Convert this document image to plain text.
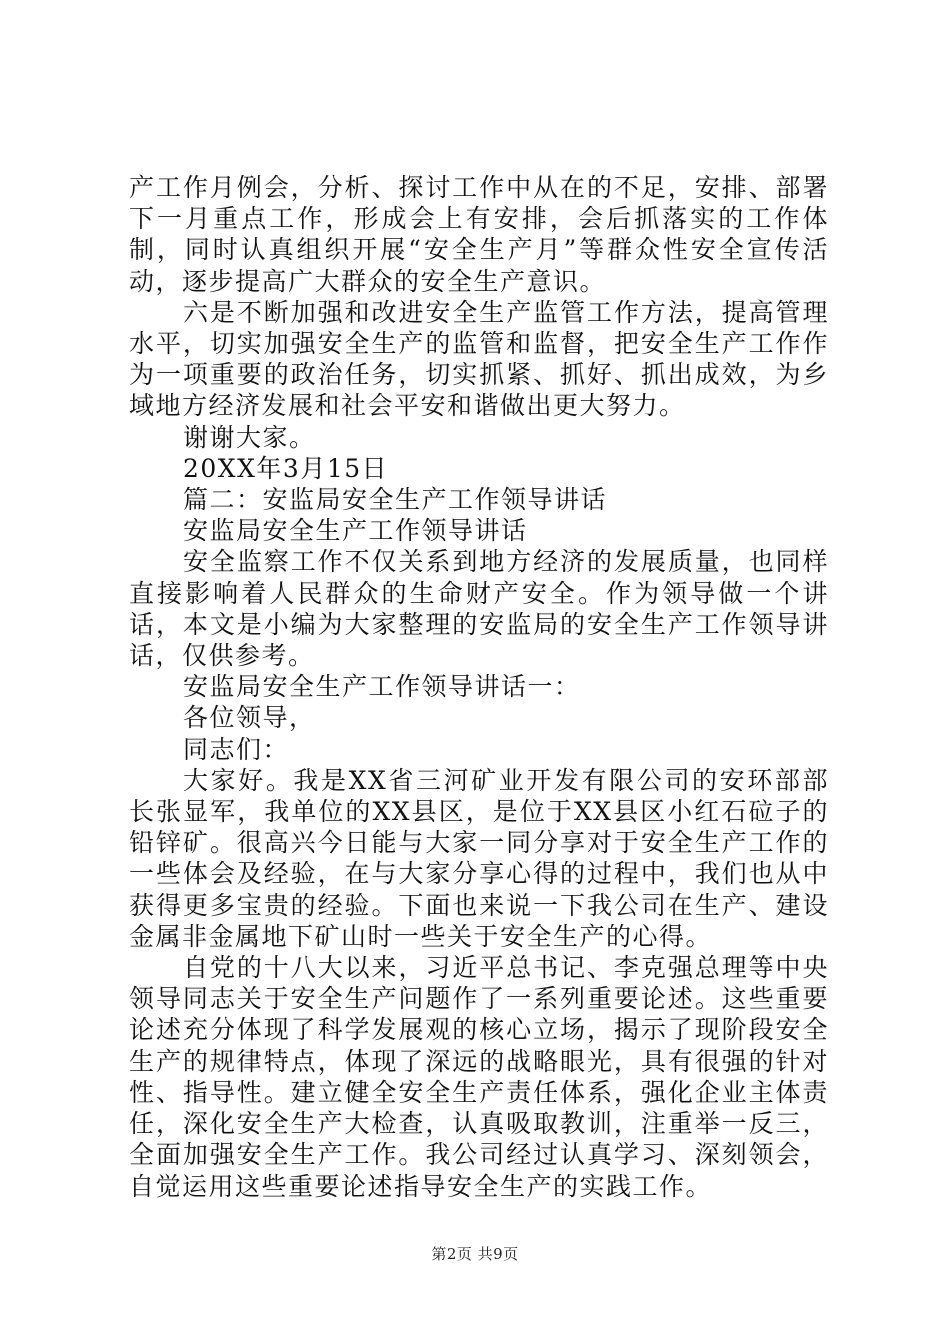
产工作月例会，分析、探讨工作中从在的不足，安排、部署下一月重点工作，形成会上有安排，会后抓落实的工作体制，同时认真组织开展“安全生产月”等群众性安全宣传活动，逐步提高广大群众的安全生产意识。

六是不断加强和改进安全生产监管工作方法，提高管理水平，切实加强安全生产的监管和监督，把安全生产工作作为一项重要的政治任务，切实抓紧、抓好、抓出成效，为乡域地方经济发展和社会平安和谐做出更大努力。

谢谢大家。

20XX年3月15日

篇二：安监局安全生产工作领导讲话

安监局安全生产工作领导讲话

安全监察工作不仅关系到地方经济的发展质量，也同样直接影响着人民群众的生命财产安全。作为领导做一个讲话，本文是小编为大家整理的安监局的安全生产工作领导讲话，仅供参考。

安监局安全生产工作领导讲话一：

各位领导，

同志们：

大家好。我是XX省三河矿业开发有限公司的安环部部长张显军，我单位的XX县区，是位于XX县区小红石砬子的铅锌矿。很高兴今日能与大家一同分享对于安全生产工作的一些体会及经验，在与大家分享心得的过程中，我们也从中获得更多宝贵的经验。下面也来说一下我公司在生产、建设金属非金属地下矿山时一些关于安全生产的心得。

自党的十八大以来，习近平总书记、李克强总理等中央领导同志关于安全生产问题作了一系列重要论述。这些重要论述充分体现了科学发展观的核心立场，揭示了现阶段安全生产的规律特点，体现了深远的战略眼光，具有很强的针对性、指导性。建立健全安全生产责任体系，强化企业主体责任，深化安全生产大检查，认真吸取教训，注重举一反三，全面加强安全生产工作。我公司经过认真学习、深刻领会，自觉运用这些重要论述指导安全生产的实践工作。

第2页 共9页
